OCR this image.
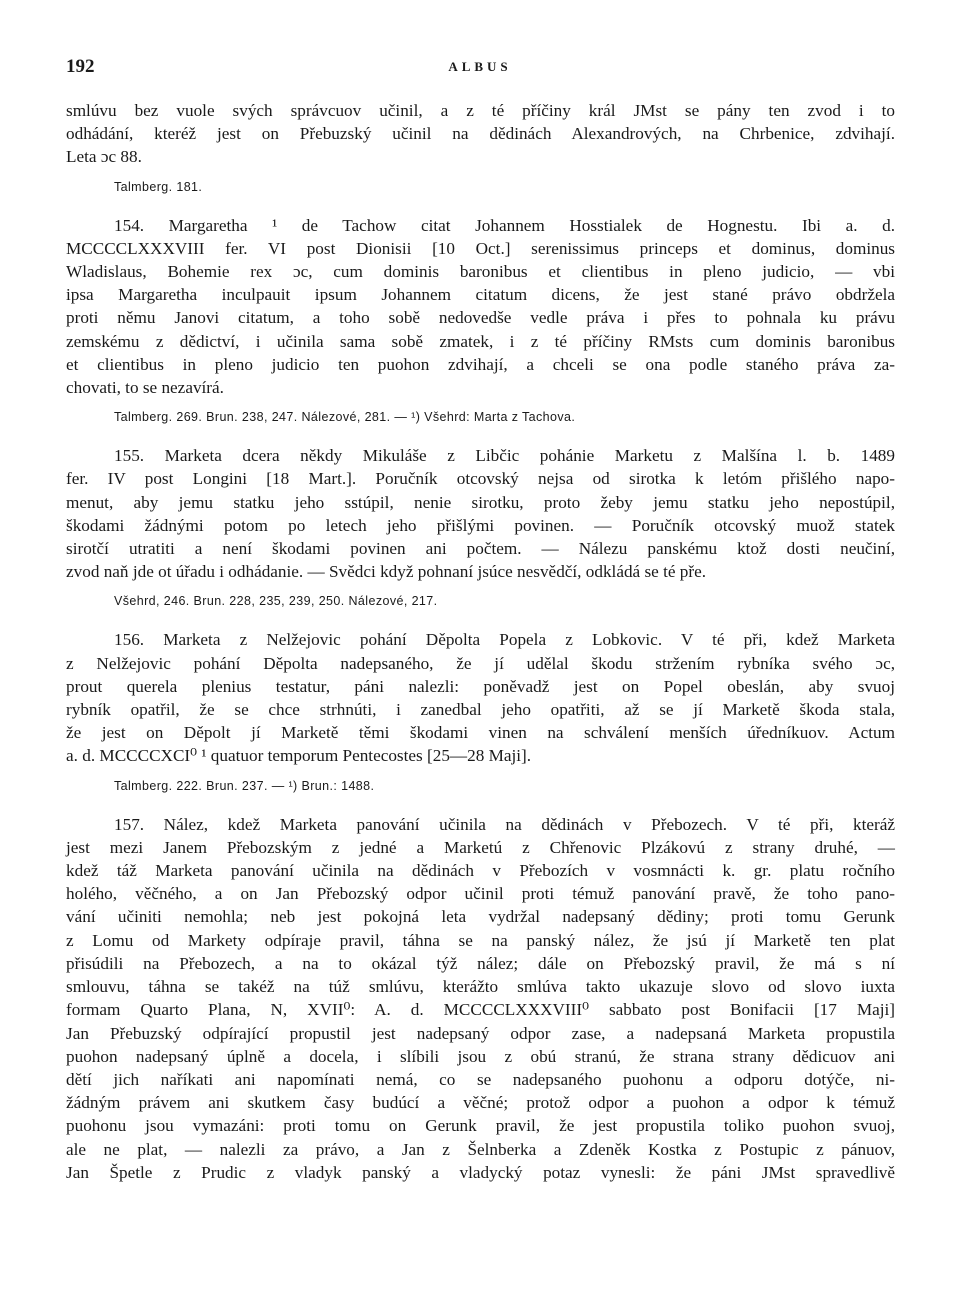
192	ALBUS

smlúvu bez vuole svých správcuov učinil, a z té příčiny král JMst se pány ten zvod i to
odhádání, kteréž jest on Přebuzský učinil na dědinách Alexandrových, na Chrbenice, zdvihají.
Leta ɔc 88.

Talmberg. 181.

154. Margaretha ¹ de Tachow citat Johannem Hosstialek de Hognestu. Ibi a. d.
MCCCCLXXXVIII fer. VI post Dionisii [10 Oct.] serenissimus princeps et dominus, dominus
Wladislaus, Bohemie rex ɔc, cum dominis baronibus et clientibus in pleno judicio, — vbi
ipsa Margaretha inculpauit ipsum Johannem citatum dicens, že jest stané právo obdržela
proti němu Janovi citatum, a toho sobě nedovedše vedle práva i přes to pohnala ku právu
zemskému z dědictví, i učinila sama sobě zmatek, i z té příčiny RMsts cum dominis baronibus
et clientibus in pleno judicio ten puohon zdvihají, a chceli se ona podle staného práva za-
chovati, to se nezavírá.

Talmberg. 269. Brun. 238, 247. Nálezové, 281. — ¹) Všehrd: Marta z Tachova.

155. Marketa dcera někdy Mikuláše z Libčic pohánie Marketu z Malšína l. b. 1489
fer. IV post Longini [18 Mart.]. Poručník otcovský nejsa od sirotka k letóm přišlého napo-
menut, aby jemu statku jeho sstúpil, nenie sirotku, proto žeby jemu statku jeho nepostúpil,
škodami žádnými potom po letech jeho přišlými povinen. — Poručník otcovský muož statek
sirotčí utratiti a není škodami povinen ani počtem. — Nálezu panskému ktož dosti neučiní,
zvod naň jde ot úřadu i odhádanie. — Svědci když pohnaní jsúce nesvědčí, odkládá se té pře.

Všehrd, 246. Brun. 228, 235, 239, 250. Nálezové, 217.

156. Marketa z Nelžejovic pohání Děpolta Popela z Lobkovic. V té při, kdež Marketa
z Nelžejovic pohání Děpolta nadepsaného, že jí udělal škodu stržením rybníka svého ɔc,
prout querela plenius testatur, páni nalezli: poněvadž jest on Popel obeslán, aby svuoj
rybník opatřil, že se chce strhnúti, i zanedbal jeho opatřiti, až se jí Marketě škoda stala,
že jest on Děpolt jí Marketě těmi škodami vinen na schválení menších úředníkuov. Actum
a. d. MCCCCXCI⁰ ¹ quatuor temporum Pentecostes [25—28 Maji].

Talmberg. 222. Brun. 237. — ¹) Brun.: 1488.

157. Nález, kdež Marketa panování učinila na dědinách v Přebozech. V té při, kteráž
jest mezi Janem Přebozským z jedné a Marketú z Chřenovic Plzákovú z strany druhé, —
kdež táž Marketa panování učinila na dědinách v Přebozích v vosmnácti k. gr. platu ročního
holého, věčného, a on Jan Přebozský odpor učinil proti témuž panování pravě, že toho pano-
vání učiniti nemohla; neb jest pokojná leta vydržal nadepsaný dědiny; proti tomu Gerunk
z Lomu od Markety odpíraje pravil, táhna se na panský nález, že jsú jí Marketě ten plat
přisúdili na Přebozech, a na to okázal týž nález; dále on Přebozský pravil, že má s ní
smlouvu, táhna se takéž na túž smlúvu, kterážto smlúva takto ukazuje slovo od slovo iuxta
formam Quarto Plana, N, XVII⁰: A. d. MCCCCLXXXVIII⁰ sabbato post Bonifacii [17 Maji]
Jan Přebuzský odpírající propustil jest nadepsaný odpor zase, a nadepsaná Marketa propustila
puohon nadepsaný úplně a docela, i slíbili jsou z obú stranú, že strana strany dědicuov ani
dětí jich naříkati ani napomínati nemá, co se nadepsaného puohonu a odporu dotýče, ni-
žádným právem ani skutkem časy budúcí a věčné; protož odpor a puohon a odpor k témuž
puohonu jsou vymazáni: proti tomu on Gerunk pravil, že jest propustila toliko puohon svuoj,
ale ne plat, — nalezli za právo, a Jan z Šelnberka a Zdeněk Kostka z Postupic z pánuov,
Jan Špetle z Prudic z vladyk panský a vladycký potaz vynesli: že páni JMst spravedlivě
